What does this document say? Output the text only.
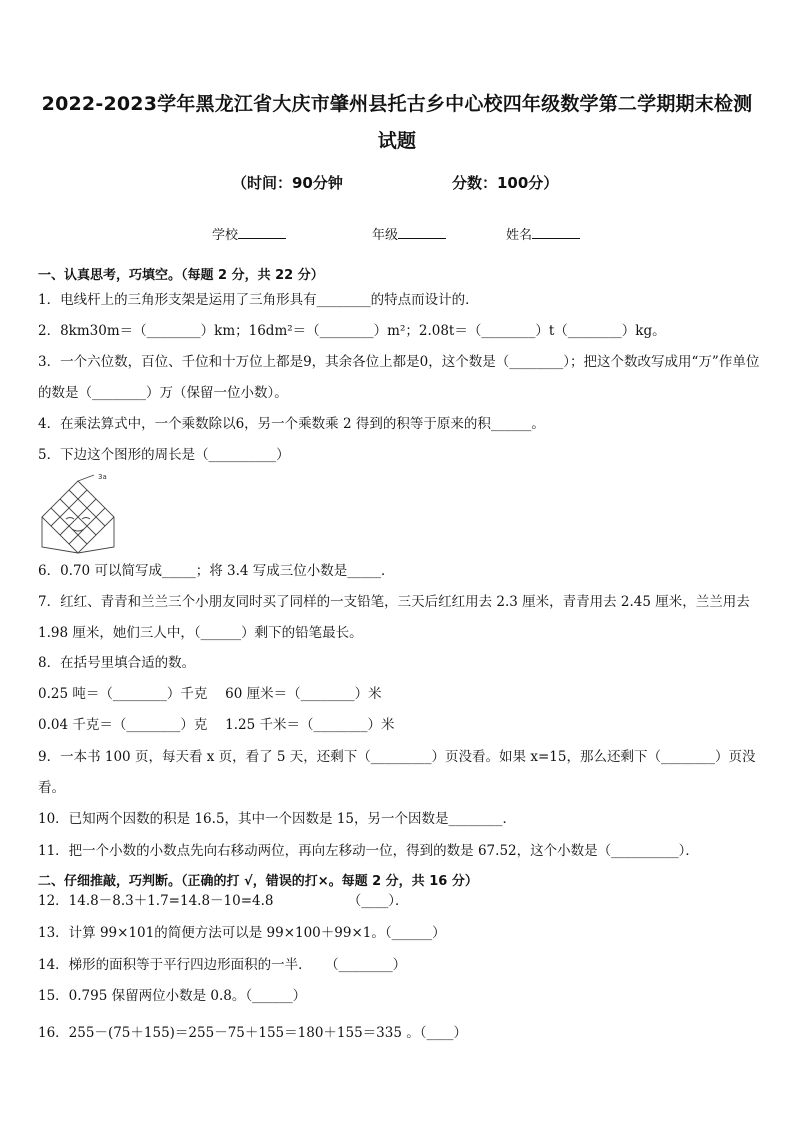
2022-2023学年黑龙江省大庆市肇州县托古乡中心校四年级数学第二学期期末检测试题
（时间：90分钟	分数：100分）
学校	年级	姓名
一、认真思考，巧填空。（每题 2 分，共 22 分）
1．电线杆上的三角形支架是运用了三角形具有________的特点而设计的．
2．8km30m＝（________）km；16dm²＝（________）m²；2.08t＝（________）t（________）kg。
3．一个六位数，百位、千位和十万位上都是9，其余各位上都是0，这个数是（________）；把这个数改写成用“万”作单位的数是（________）万（保留一位小数）。
4．在乘法算式中，一个乘数除以6，另一个乘数乘 2 得到的积等于原来的积______。
5．下边这个图形的周长是（__________）
3a
6．0.70 可以简写成_____；将 3.4 写成三位小数是_____．
7．红红、青青和兰兰三个小朋友同时买了同样的一支铅笔，三天后红红用去 2.3 厘米，青青用去 2.45 厘米，兰兰用去 1.98 厘米，她们三人中，（______）剩下的铅笔最长。
8．在括号里填合适的数。
0.25 吨＝（________）千克　 60 厘米＝（________）米
0.04 千克＝（________）克　 1.25 千米＝（________）米
9．一本书 100 页，每天看 x 页，看了 5 天，还剩下（_________）页没看。如果 x=15，那么还剩下（________）页没看。
10．已知两个因数的积是 16.5，其中一个因数是 15，另一个因数是________．
11．把一个小数的小数点先向右移动两位，再向左移动一位，得到的数是 67.52，这个小数是（__________）．
二、仔细推敲，巧判断。（正确的打 √，错误的打×。每题 2 分，共 16 分）
12．14.8－8.3＋1.7=14.8－10=4.8　　　　　　（____）．
13．计算 99×101的简便方法可以是 99×100＋99×1。（______）
14．梯形的面积等于平行四边形面积的一半．　　（________）
15．0.795 保留两位小数是 0.8。（______）
16．255－(75＋155)＝255－75＋155＝180＋155＝335 。（____）
